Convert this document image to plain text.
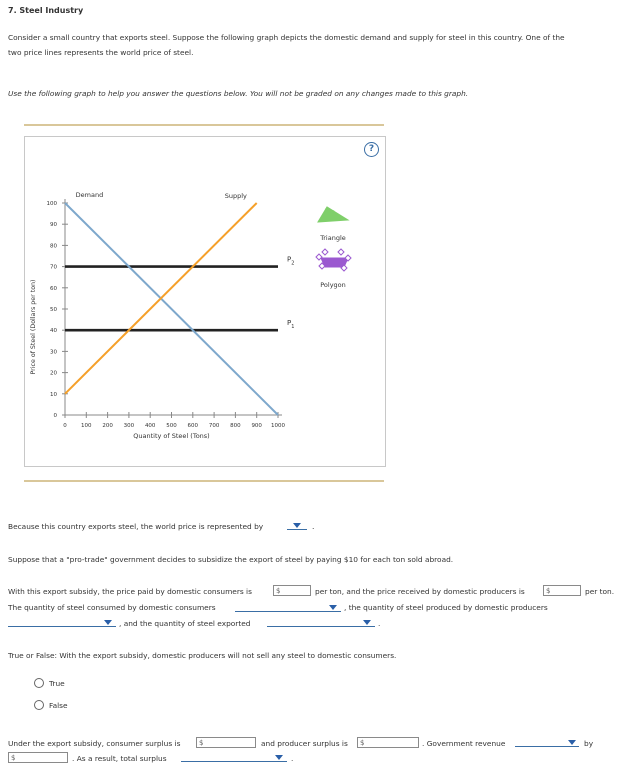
7. Steel Industry
Consider a small country that exports steel. Suppose the following graph depicts the domestic demand and supply for steel in this country. One of the
two price lines represents the world price of steel.
Use the following graph to help you answer the questions below. You will not be graded on any changes made to this graph.
0
10
20
30
40
50
60
70
80
90
100
0	100 200 300 400 500 600 700 800 900 1000
Quantity of Steel (Tons)
Price of Steel (Dollars per ton)
$P_2$
$P_1$
Demand	Supply
Triangle
Polygon
?
Because this country exports steel, the world price is represented by	.
Suppose that a "pro-trade" government decides to subsidize the export of steel by paying $10 for each ton sold abroad.
With this export subsidy, the price paid by domestic consumers is	$	per ton, and the price received by domestic producers is	$	per ton.
The quantity of steel consumed by domestic consumers	, the quantity of steel produced by domestic producers
, and the quantity of steel exported	.
True or False: With the export subsidy, domestic producers will not sell any steel to domestic consumers.
True
False
Under the export subsidy, consumer surplus is	$	and producer surplus is	$	. Government revenue	by
$	. As a result, total surplus	.
